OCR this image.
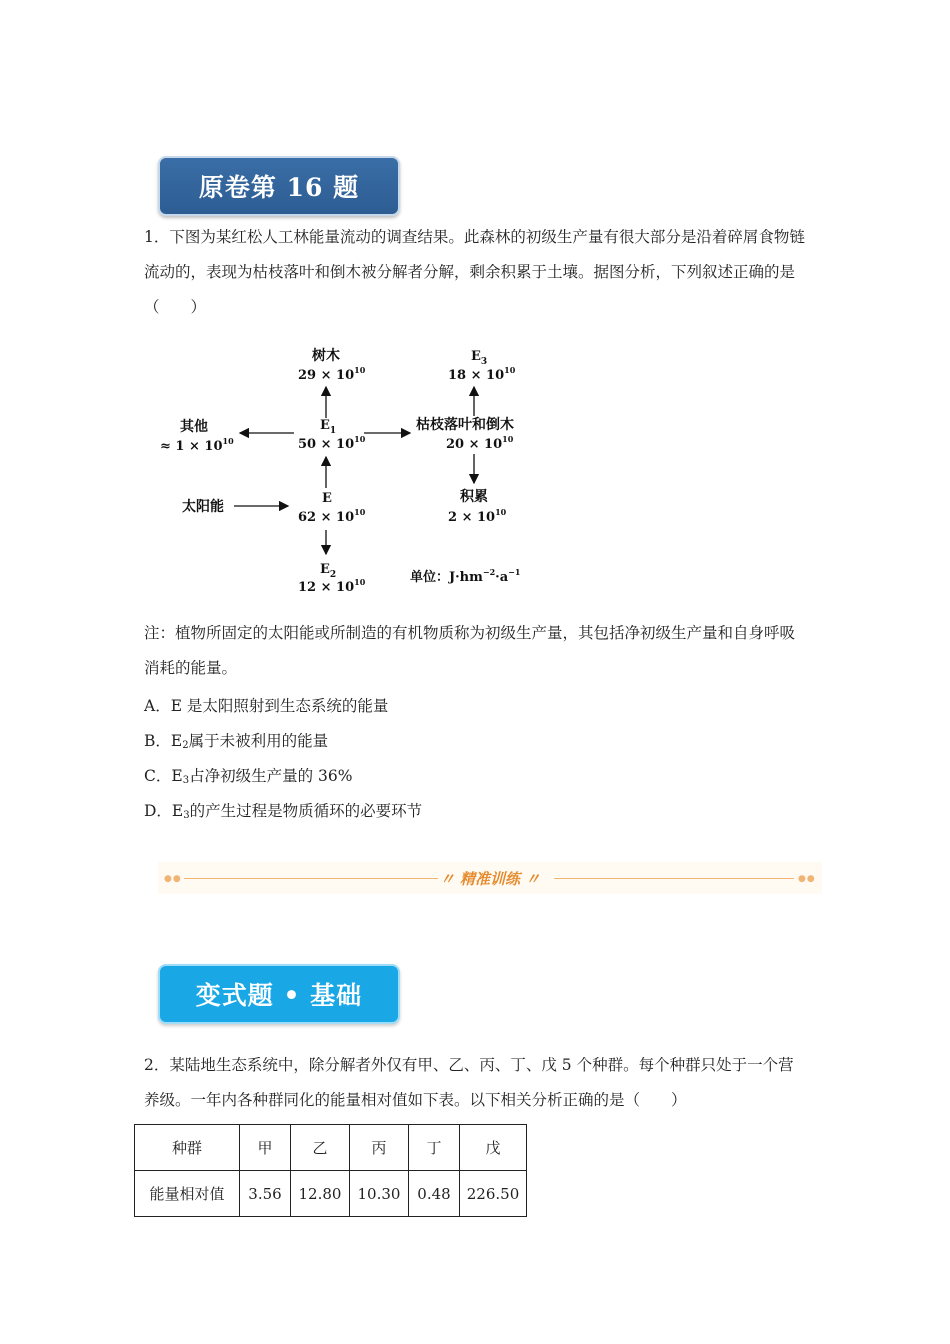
原卷第 16 题
1．下图为某红松人工林能量流动的调查结果。此森林的初级生产量有很大部分是沿着碎屑食物链流动的，表现为枯枝落叶和倒木被分解者分解，剩余积累于土壤。据图分析，下列叙述正确的是（　　）
树木
$29 \times 10^{10}$
$E_3$
$18 \times 10^{10}$
其他
≈ $1 \times 10^{10}$
$E_1$
$50 \times 10^{10}$
枯枝落叶和倒木
$20 \times 10^{10}$
太阳能
E
$62 \times 10^{10}$
积累
$2 \times 10^{10}$
$E_2$
$12 \times 10^{10}$	单位：$J\cdot hm^{-2}\cdot a^{-1}$
注：植物所固定的太阳能或所制造的有机物质称为初级生产量，其包括净初级生产量和自身呼吸消耗的能量。
A．E 是太阳照射到生态系统的能量
B．$E_2$属于未被利用的能量
C．$E_3$占净初级生产量的 36%
D．$E_3$的产生过程是物质循环的必要环节
●●	〃 精准训练 〃	●●
变式题 • 基础
2．某陆地生态系统中，除分解者外仅有甲、乙、丙、丁、戊 5 个种群。每个种群只处于一个营养级。一年内各种群同化的能量相对值如下表。以下相关分析正确的是（　　）
种群	甲	乙	丙	丁	戊
能量相对值	3.56	12.80	10.30	0.48	226.50
